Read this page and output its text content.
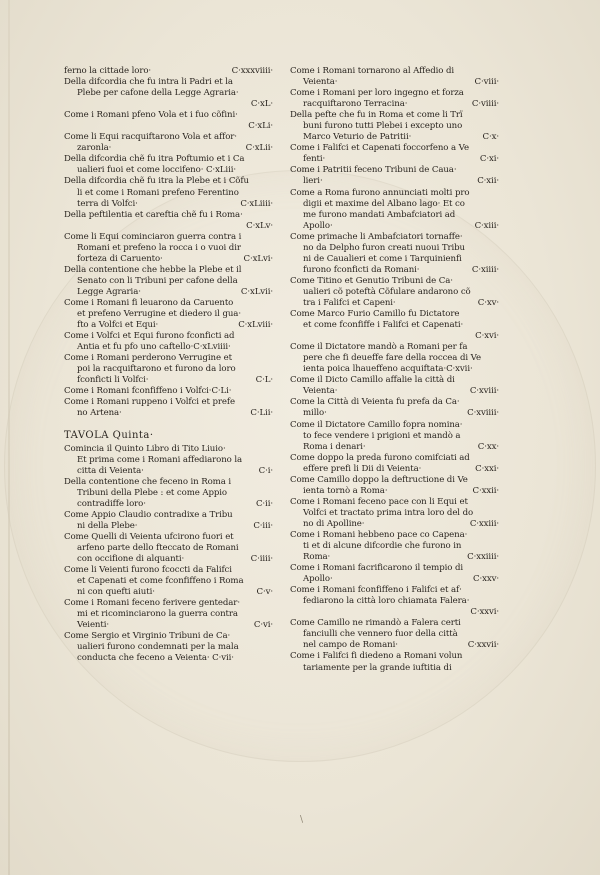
ferno la cittade loro·	C·xxxviiii·
Della difcordia che fu intra li Padri et la
Plebe per cafone della Legge Agraria·
C·xL·
Come i Romani pfeno Vola et i fuo cõfini·
C·xLi·
Come li Equi racquiftarono Vola et affor·
zaronla·	C·xLii·
Della difcordia chẽ fu itra Poftumio et i Ca
ualieri fuoi et come loccifeno· C·xLiii·
Della difcordia chẽ fu itra la Plebe et i Cõfu
li et come i Romani prefeno Ferentino
terra di Volfci·	C·xLiiii·
Della peftilentia et careftia chẽ fu i Roma·
C·xLv·
Come li Equi cominciaron guerra contra i
Romani et prefeno la rocca i o vuoi dir
forteza di Caruento·	C·xLvi·
Della contentione che hebbe la Plebe et il
Senato con li Tribuni per cafone della
Legge Agraria·	C·xLvii·
Come i Romani fi leuarono da Caruento
et prefeno Verrugine et diedero il gua·
fto a Volfci et Equi·	C·xLviii·
Come i Volfci et Equi furono fconficti ad
Antia et fu pfo uno caftello·C·xLviiii·
Come i Romani perderono Verrugine et
poi la racquiftarono et furono da loro
fconficti li Volfci·	C·L·
Come i Romani fconfiffeno i Volfci·C·Li·
Come i Romani ruppeno i Volfci et prefe
no Artena·	C·Lii·
TAVOLA Quinta·
Comincia il Quinto Libro di Tito Liuio·
Et prima come i Romani affediarono la
citta di Veienta·	C·i·
Della contentione che feceno in Roma i
Tribuni della Plebe : et come Appio
contradiffe loro·	C·ii·
Come Appio Claudio contradixe a Tribu
ni della Plebe·	C·iii·
Come Quelli di Veienta ufcirono fuori et
arfeno parte dello fteccato de Romani
con occifione di alquanti·	C·iiii·
Come li Veienti furono fcoccti da Falifci
et Capenati et come fconfiffeno i Roma
ni con quefti aiuti·	C·v·
Come i Romani feceno ferivere gentedar·
mi et ricominciarono la guerra contra
Veienti·	C·vi·
Come Sergio et Virginio Tribuni de Ca·
ualieri furono condemnati per la mala
conducta che feceno a Veienta· C·vii·
Come i Romani tornarono al Affedio di
Veienta·	C·viii·
Come i Romani per loro ingegno et forza
racquiftarono Terracina·	C·viiii·
Della pefte che fu in Roma et come li Trï
buni furono tutti Plebei i excepto uno
Marco Veturio de Patritii·	C·x·
Come i Falifci et Capenati foccorfeno a Ve
fenti·	C·xi·
Come i Patritii feceno Tribuni de Caua·
lieri·	C·xii·
Come a Roma furono annunciati molti pro
digii et maxime del Albano lago· Et co
me furono mandati Ambafciatori ad
Apollo·	C·xiii·
Come primache li Ambafciatori tornaffe·
no da Delpho furon creati nuoui Tribu
ni de Caualieri et come i Tarquinienfi
furono fconficti da Romani·	C·xiiii·
Come Titino et Genutio Tribuni de Ca·
ualieri cõ poteftà Cõfulare andarono cõ
tra i Falifci et Capeni·	C·xv·
Come Marco Furio Camillo fu Dictatore
et come fconfiffe i Falifci et Capenati·
C·xvi·
Come il Dictatore mandò a Romani per fa
pere che fi deueffe fare della roccea di Ve
ienta poica lhaueffeno acquiftata·C·xvii·
Come il Dicto Camillo affalie la città di
Veienta·	C·xviii·
Come la Città di Veienta fu prefa da Ca·
millo·	C·xviiii·
Come il Dictatore Camillo fopra nomina·
to fece vendere i prigioni et mandò a
Roma i denari·	C·xx·
Come doppo la preda furono comifciati ad
effere prefi li Dii di Veienta·	C·xxi·
Come Camillo doppo la deftructione di Ve
ienta tornò a Roma·	C·xxii·
Come i Romani feceno pace con li Equi et
Volfci et tractato prima intra loro del do
no di Apolline·	C·xxiii·
Come i Romani hebbeno pace co Capena·
ti et di alcune difcordie che furono in
Roma·	C·xxiiii·
Come i Romani facrificarono il tempio di
Apollo·	C·xxv·
Come i Romani fconfiffeno i Falifci et af·
fediarono la città loro chiamata Falera·
C·xxvi·
Come Camillo ne rimandò a Falera certi
fanciulli che vennero fuor della città
nel campo de Romani·	C·xxvii·
Come i Falifci fi diedeno a Romani volun
tariamente per la grande iuftitia di
\
